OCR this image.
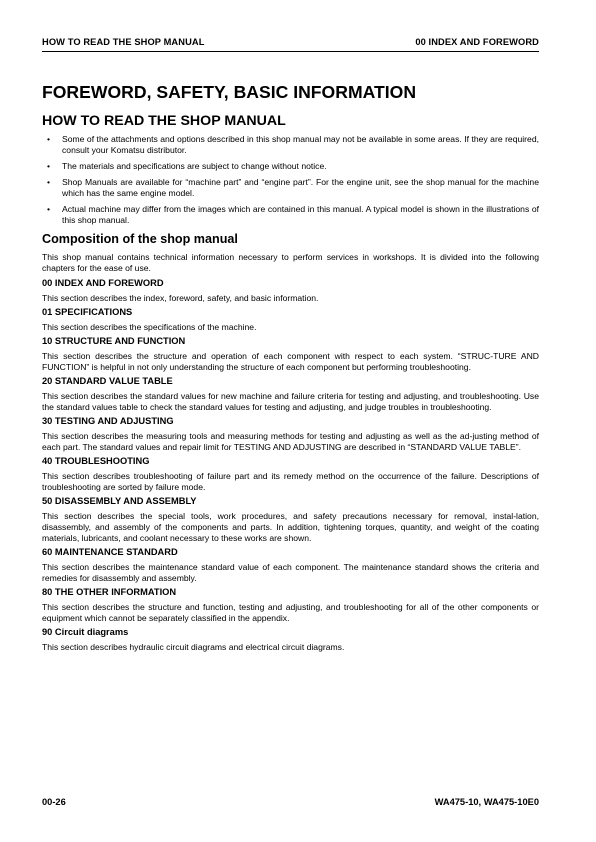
HOW TO READ THE SHOP MANUAL	00 INDEX AND FOREWORD
FOREWORD, SAFETY, BASIC INFORMATION
HOW TO READ THE SHOP MANUAL
• Some of the attachments and options described in this shop manual may not be available in some areas. If they are required, consult your Komatsu distributor.
• The materials and specifications are subject to change without notice.
• Shop Manuals are available for “machine part” and “engine part”. For the engine unit, see the shop manual for the machine which has the same engine model.
• Actual machine may differ from the images which are contained in this manual. A typical model is shown in the illustrations of this shop manual.
Composition of the shop manual

This shop manual contains technical information necessary to perform services in workshops. It is divided into the following chapters for the ease of use.

00 INDEX AND FOREWORD

This section describes the index, foreword, safety, and basic information.

01 SPECIFICATIONS

This section describes the specifications of the machine.

10 STRUCTURE AND FUNCTION

This section describes the structure and operation of each component with respect to each system. “STRUC-TURE AND FUNCTION” is helpful in not only understanding the structure of each component but performing troubleshooting.

20 STANDARD VALUE TABLE

This section describes the standard values for new machine and failure criteria for testing and adjusting, and troubleshooting. Use the standard values table to check the standard values for testing and adjusting, and judge troubles in troubleshooting.

30 TESTING AND ADJUSTING

This section describes the measuring tools and measuring methods for testing and adjusting as well as the ad-justing method of each part. The standard values and repair limit for TESTING AND ADJUSTING are described in “STANDARD VALUE TABLE”.

40 TROUBLESHOOTING

This section describes troubleshooting of failure part and its remedy method on the occurrence of the failure. Descriptions of troubleshooting are sorted by failure mode.

50 DISASSEMBLY AND ASSEMBLY

This section describes the special tools, work procedures, and safety precautions necessary for removal, instal-lation, disassembly, and assembly of the components and parts. In addition, tightening torques, quantity, and weight of the coating materials, lubricants, and coolant necessary to these works are shown.

60 MAINTENANCE STANDARD

This section describes the maintenance standard value of each component. The maintenance standard shows the criteria and remedies for disassembly and assembly.

80 THE OTHER INFORMATION

This section describes the structure and function, testing and adjusting, and troubleshooting for all of the other components or equipment which cannot be separately classified in the appendix.

90 Circuit diagrams

This section describes hydraulic circuit diagrams and electrical circuit diagrams.

00-26	WA475-10, WA475-10E0
